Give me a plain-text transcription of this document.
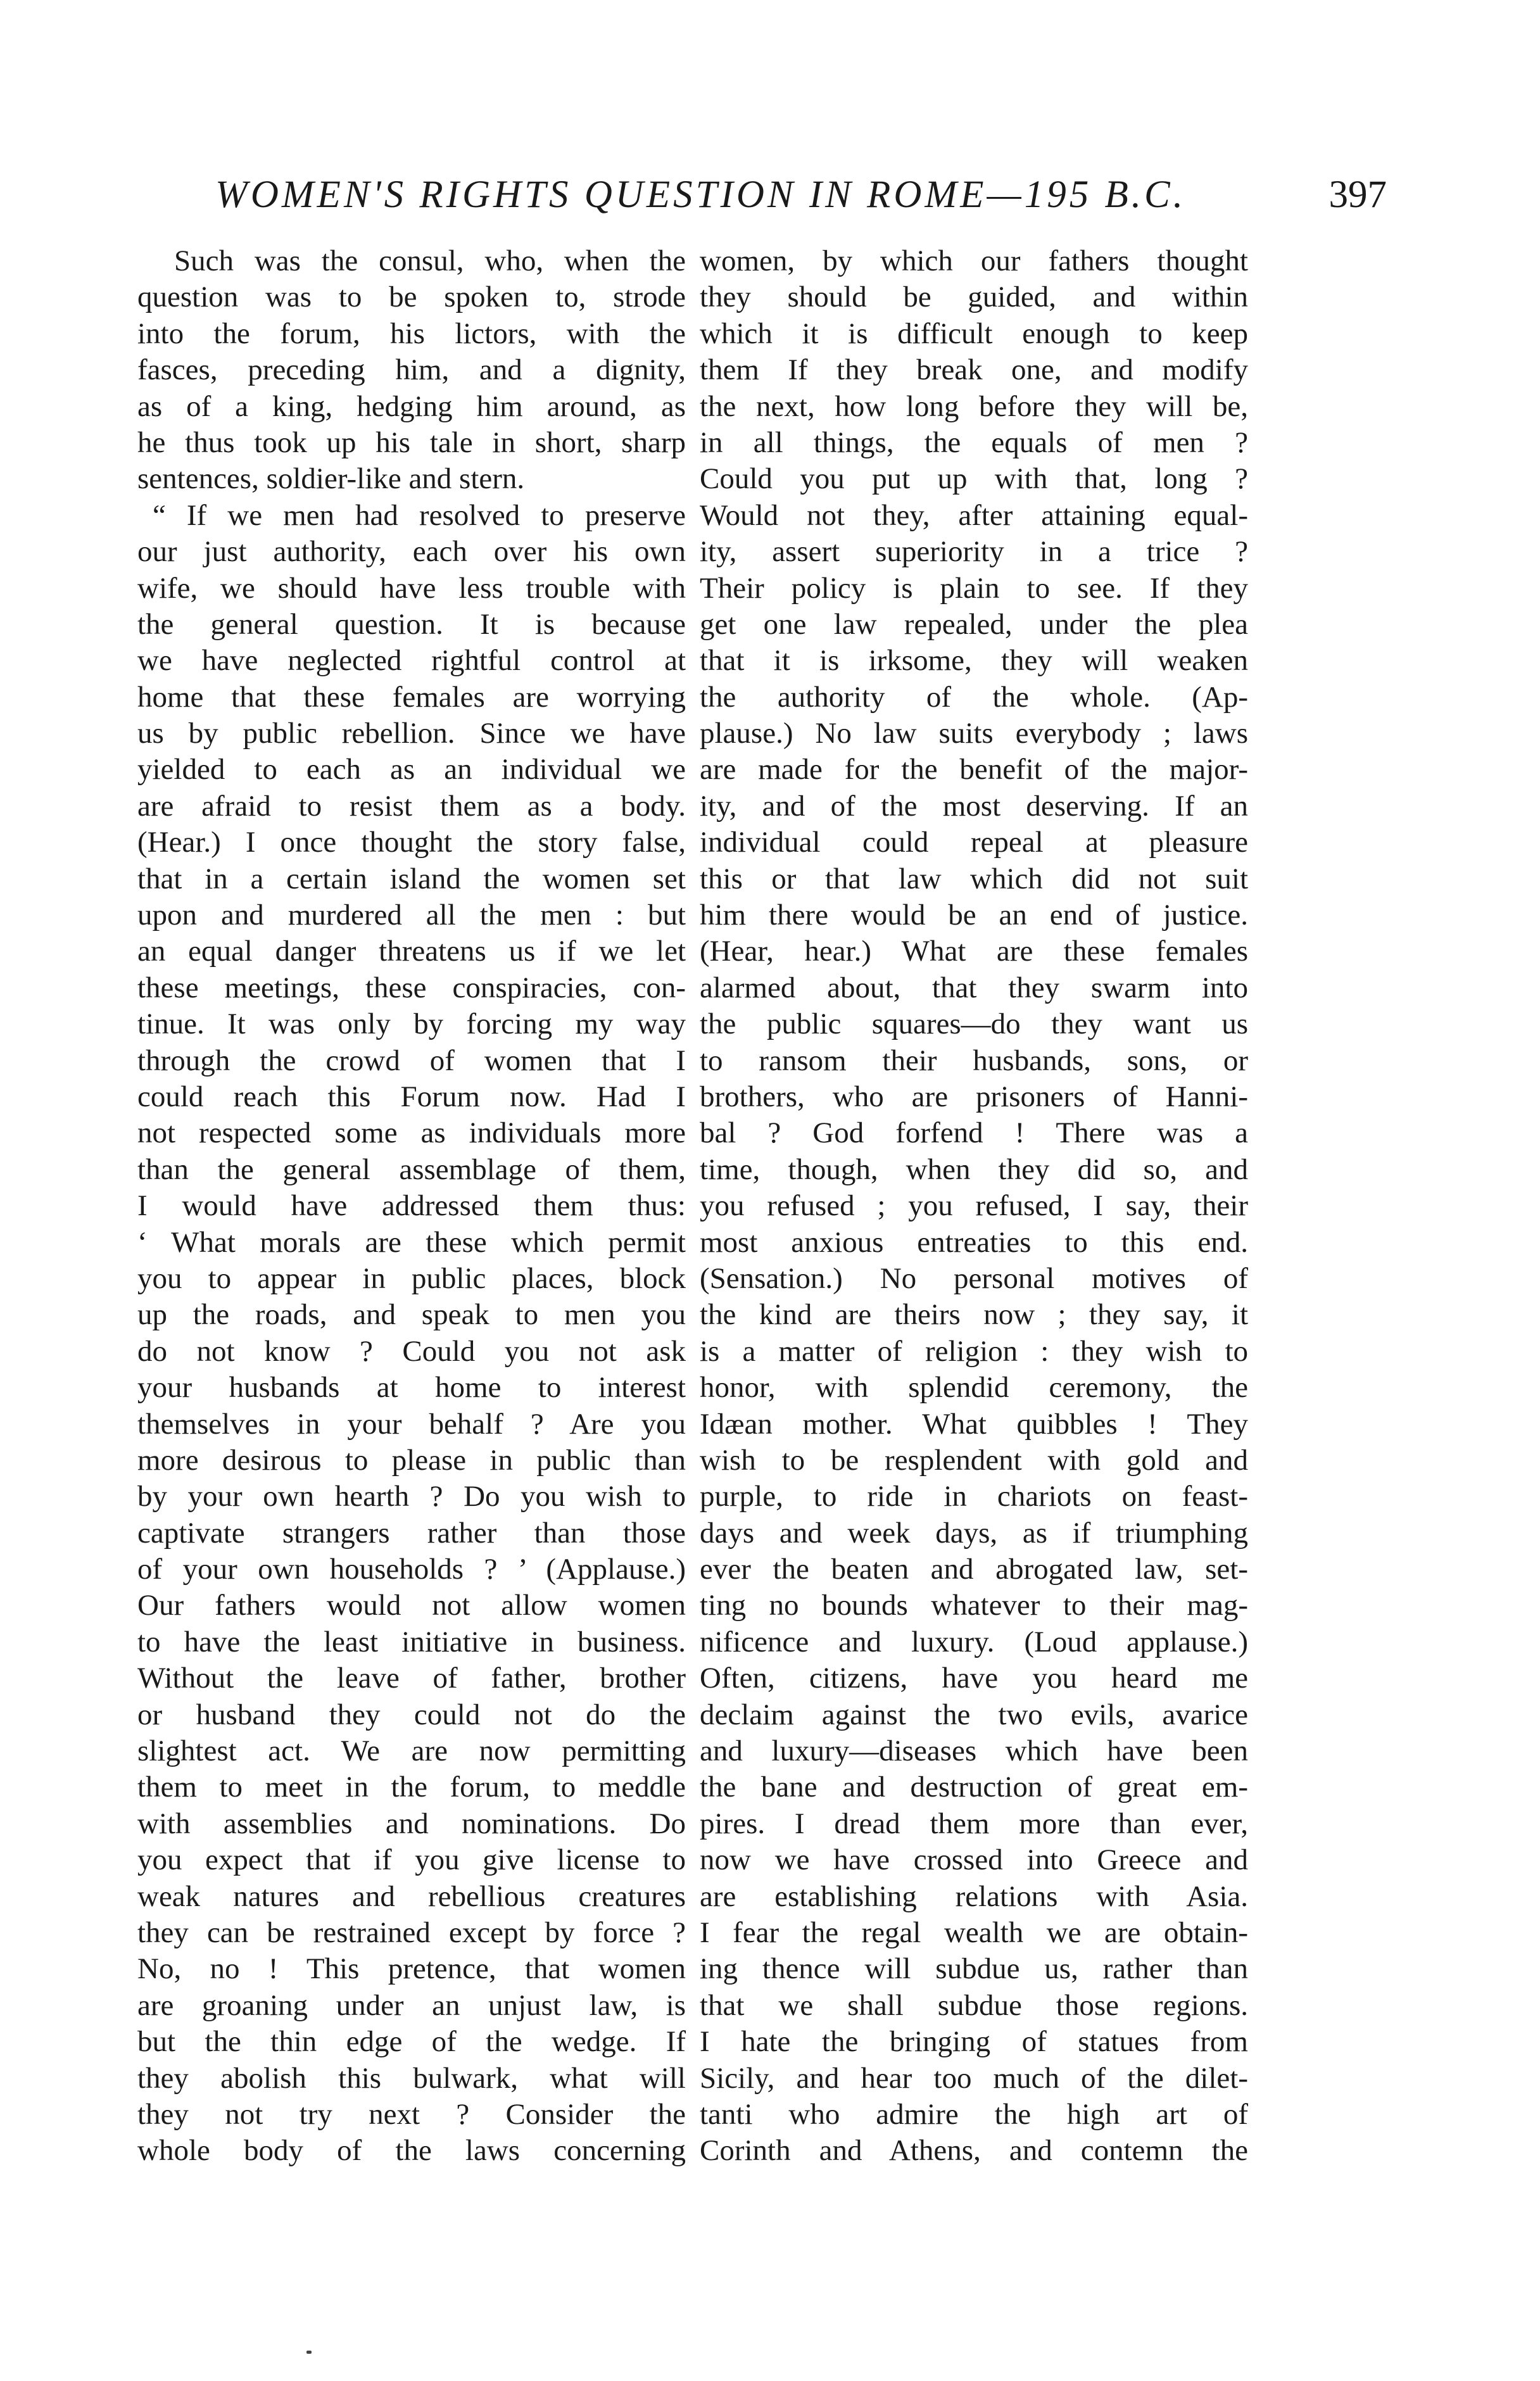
WOMEN'S RIGHTS QUESTION IN ROME—195 B.C.	397
Such was the consul, who, when the
question was to be spoken to, strode
into the forum, his lictors, with the
fasces, preceding him, and a dignity,
as of a king, hedging him around, as
he thus took up his tale in short, sharp
sentences, soldier-like and stern.
“ If we men had resolved to preserve
our just authority, each over his own
wife, we should have less trouble with
the general question. It is because
we have neglected rightful control at
home that these females are worrying
us by public rebellion. Since we have
yielded to each as an individual we
are afraid to resist them as a body.
(Hear.) I once thought the story false,
that in a certain island the women set
upon and murdered all the men : but
an equal danger threatens us if we let
these meetings, these conspiracies, con-
tinue. It was only by forcing my way
through the crowd of women that I
could reach this Forum now. Had I
not respected some as individuals more
than the general assemblage of them,
I would have addressed them thus:
‘ What morals are these which permit
you to appear in public places, block
up the roads, and speak to men you
do not know ? Could you not ask
your husbands at home to interest
themselves in your behalf ? Are you
more desirous to please in public than
by your own hearth ? Do you wish to
captivate strangers rather than those
of your own households ? ’ (Applause.)
Our fathers would not allow women
to have the least initiative in business.
Without the leave of father, brother
or husband they could not do the
slightest act. We are now permitting
them to meet in the forum, to meddle
with assemblies and nominations. Do
you expect that if you give license to
weak natures and rebellious creatures
they can be restrained except by force ?
No, no ! This pretence, that women
are groaning under an unjust law, is
but the thin edge of the wedge. If
they abolish this bulwark, what will
they not try next ? Consider the
whole body of the laws concerning
women, by which our fathers thought
they should be guided, and within
which it is difficult enough to keep
them If they break one, and modify
the next, how long before they will be,
in all things, the equals of men ?
Could you put up with that, long ?
Would not they, after attaining equal-
ity, assert superiority in a trice ?
Their policy is plain to see. If they
get one law repealed, under the plea
that it is irksome, they will weaken
the authority of the whole. (Ap-
plause.) No law suits everybody ; laws
are made for the benefit of the major-
ity, and of the most deserving. If an
individual could repeal at pleasure
this or that law which did not suit
him there would be an end of justice.
(Hear, hear.) What are these females
alarmed about, that they swarm into
the public squares—do they want us
to ransom their husbands, sons, or
brothers, who are prisoners of Hanni-
bal ? God forfend ! There was a
time, though, when they did so, and
you refused ; you refused, I say, their
most anxious entreaties to this end.
(Sensation.) No personal motives of
the kind are theirs now ; they say, it
is a matter of religion : they wish to
honor, with splendid ceremony, the
Idæan mother. What quibbles ! They
wish to be resplendent with gold and
purple, to ride in chariots on feast-
days and week days, as if triumphing
ever the beaten and abrogated law, set-
ting no bounds whatever to their mag-
nificence and luxury. (Loud applause.)
Often, citizens, have you heard me
declaim against the two evils, avarice
and luxury—diseases which have been
the bane and destruction of great em-
pires. I dread them more than ever,
now we have crossed into Greece and
are establishing relations with Asia.
I fear the regal wealth we are obtain-
ing thence will subdue us, rather than
that we shall subdue those regions.
I hate the bringing of statues from
Sicily, and hear too much of the dilet-
tanti who admire the high art of
Corinth and Athens, and contemn the
